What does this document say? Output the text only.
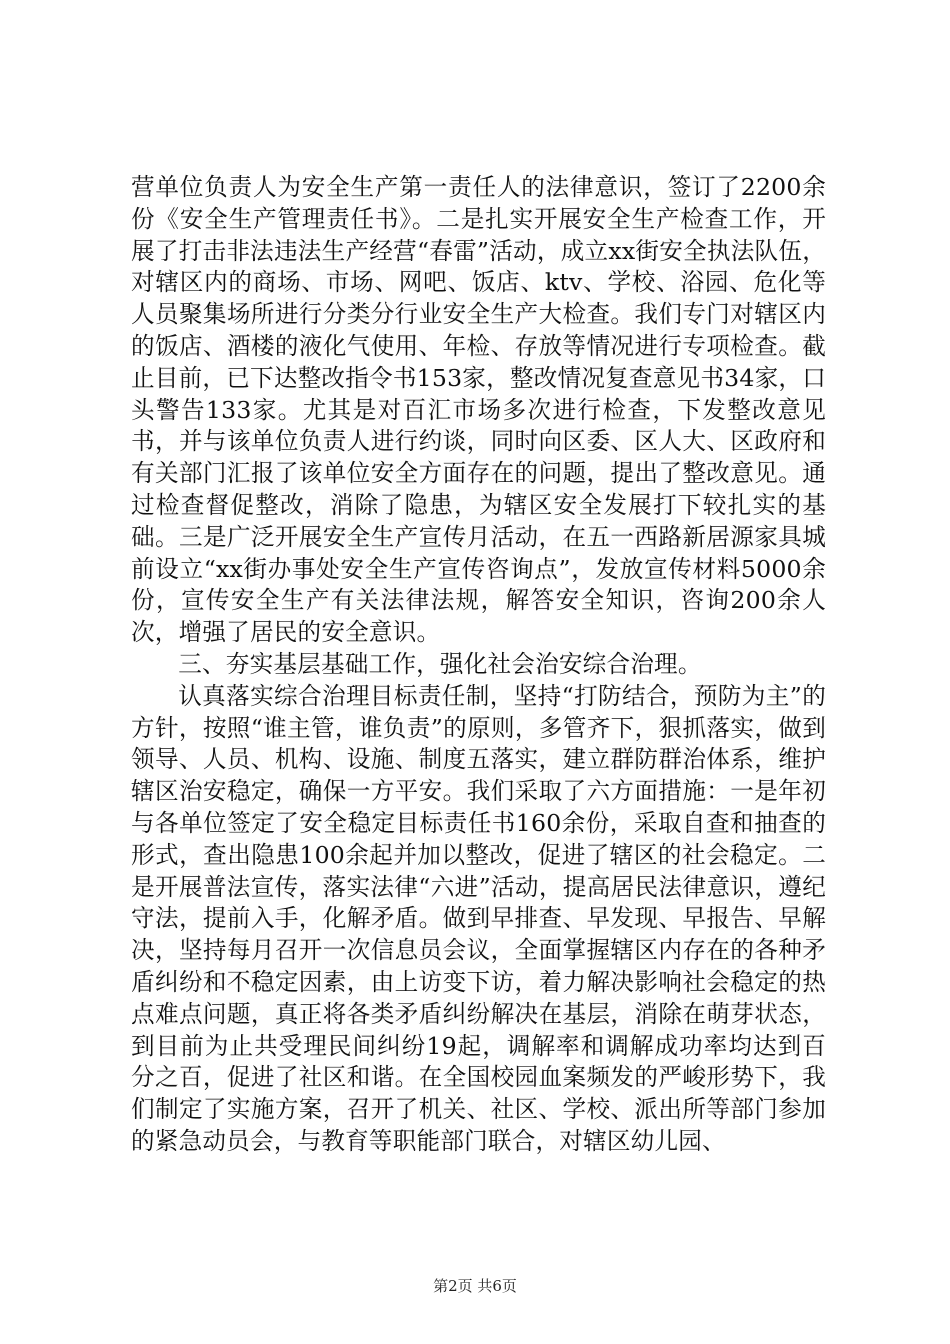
营单位负责人为安全生产第一责任人的法律意识，签订了2200余份《安全生产管理责任书》。二是扎实开展安全生产检查工作，开展了打击非法违法生产经营“春雷”活动，成立xx街安全执法队伍，对辖区内的商场、市场、网吧、饭店、ktv、学校、浴园、危化等人员聚集场所进行分类分行业安全生产大检查。我们专门对辖区内的饭店、酒楼的液化气使用、年检、存放等情况进行专项检查。截止目前，已下达整改指令书153家，整改情况复查意见书34家，口头警告133家。尤其是对百汇市场多次进行检查，下发整改意见书，并与该单位负责人进行约谈，同时向区委、区人大、区政府和有关部门汇报了该单位安全方面存在的问题，提出了整改意见。通过检查督促整改，消除了隐患，为辖区安全发展打下较扎实的基础。三是广泛开展安全生产宣传月活动，在五一西路新居源家具城前设立“xx街办事处安全生产宣传咨询点”，发放宣传材料5000余份，宣传安全生产有关法律法规，解答安全知识，咨询200余人次，增强了居民的安全意识。

三、夯实基层基础工作，强化社会治安综合治理。

认真落实综合治理目标责任制，坚持“打防结合，预防为主”的方针，按照“谁主管，谁负责”的原则，多管齐下，狠抓落实，做到领导、人员、机构、设施、制度五落实，建立群防群治体系，维护辖区治安稳定，确保一方平安。我们采取了六方面措施：一是年初与各单位签定了安全稳定目标责任书160余份，采取自查和抽查的形式，查出隐患100余起并加以整改，促进了辖区的社会稳定。二是开展普法宣传，落实法律“六进”活动，提高居民法律意识，遵纪守法，提前入手，化解矛盾。做到早排查、早发现、早报告、早解决，坚持每月召开一次信息员会议，全面掌握辖区内存在的各种矛盾纠纷和不稳定因素，由上访变下访，着力解决影响社会稳定的热点难点问题，真正将各类矛盾纠纷解决在基层，消除在萌芽状态，到目前为止共受理民间纠纷19起，调解率和调解成功率均达到百分之百，促进了社区和谐。在全国校园血案频发的严峻形势下，我们制定了实施方案，召开了机关、社区、学校、派出所等部门参加的紧急动员会，与教育等职能部门联合，对辖区幼儿园、

第2页 共6页
